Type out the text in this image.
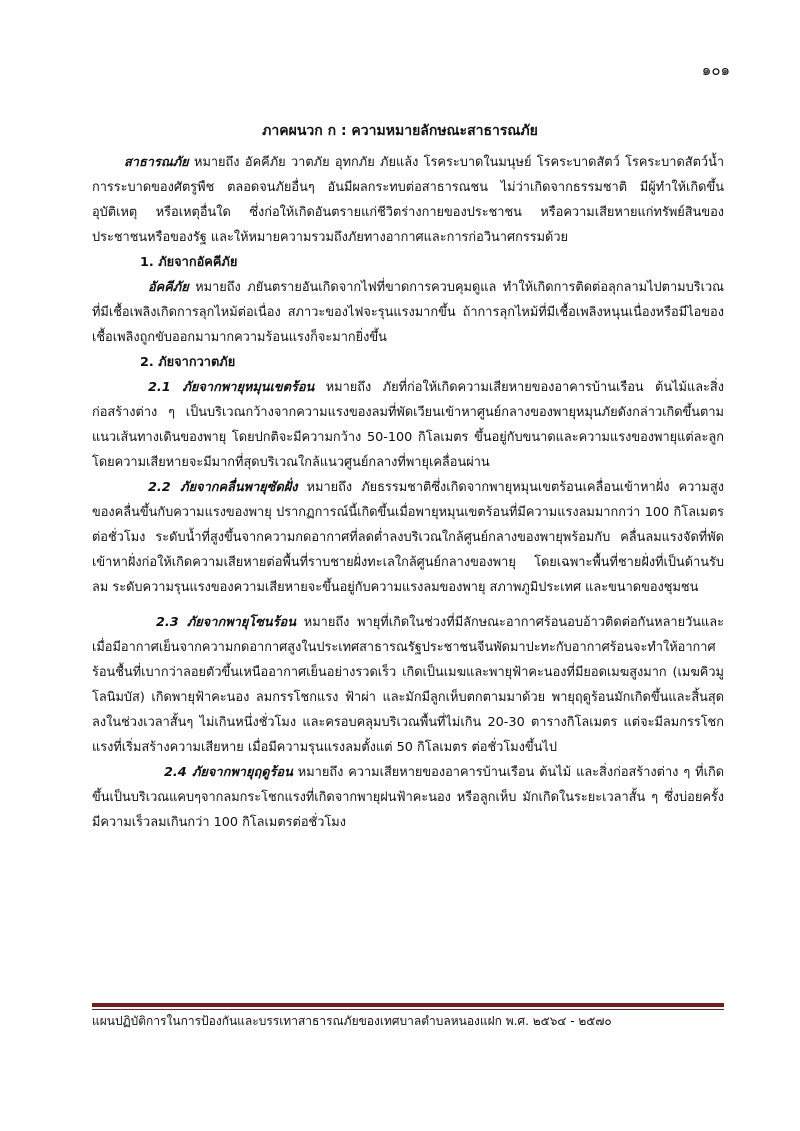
๑๐๑
ภาคผนวก ก : ความหมายลักษณะสาธารณภัย

สาธารณภัย หมายถึง อัคคีภัย วาตภัย อุทกภัย ภัยแล้ง โรคระบาดในมนุษย์ โรคระบาดสัตว์ โรคระบาดสัตว์น้ำ การระบาดของศัตรูพืช ตลอดจนภัยอื่นๆ อันมีผลกระทบต่อสาธารณชน ไม่ว่าเกิดจากธรรมชาติ มีผู้ทำให้เกิดขึ้น อุบัติเหตุ หรือเหตุอื่นใด ซึ่งก่อให้เกิดอันตรายแก่ชีวิตร่างกายของประชาชน หรือความเสียหายแก่ทรัพย์สินของประชาชนหรือของรัฐ และให้หมายความรวมถึงภัยทางอากาศและการก่อวินาศกรรมด้วย

1. ภัยจากอัคคีภัย

อัคคีภัย หมายถึง ภยันตรายอันเกิดจากไฟที่ขาดการควบคุมดูแล ทำให้เกิดการติดต่อลุกลามไปตามบริเวณที่มีเชื้อเพลิงเกิดการลุกไหม้ต่อเนื่อง สภาวะของไฟจะรุนแรงมากขึ้น ถ้าการลุกไหม้ที่มีเชื้อเพลิงหนุนเนื่องหรือมีไอของเชื้อเพลิงถูกขับออกมามากความร้อนแรงก็จะมากยิ่งขึ้น

2. ภัยจากวาตภัย

2.1 ภัยจากพายุหมุนเขตร้อน หมายถึง ภัยที่ก่อให้เกิดความเสียหายของอาคารบ้านเรือน ต้นไม้และสิ่งก่อสร้างต่าง ๆ เป็นบริเวณกว้างจากความแรงของลมที่พัดเวียนเข้าหาศูนย์กลางของพายุหมุนภัยดังกล่าวเกิดขึ้นตามแนวเส้นทางเดินของพายุ โดยปกติจะมีความกว้าง 50-100 กิโลเมตร ขึ้นอยู่กับขนาดและความแรงของพายุแต่ละลูก โดยความเสียหายจะมีมากที่สุดบริเวณใกล้แนวศูนย์กลางที่พายุเคลื่อนผ่าน

2.2 ภัยจากคลื่นพายุซัดฝั่ง หมายถึง ภัยธรรมชาติซึ่งเกิดจากพายุหมุนเขตร้อนเคลื่อนเข้าหาฝั่ง ความสูงของคลื่นขึ้นกับความแรงของพายุ ปรากฏการณ์นี้เกิดขึ้นเมื่อพายุหมุนเขตร้อนที่มีความแรงลมมากกว่า 100 กิโลเมตรต่อชั่วโมง ระดับน้ำที่สูงขึ้นจากความกดอากาศที่ลดต่ำลงบริเวณใกล้ศูนย์กลางของพายุพร้อมกับ คลื่นลมแรงจัดที่พัดเข้าหาฝั่งก่อให้เกิดความเสียหายต่อพื้นที่ราบชายฝั่งทะเลใกล้ศูนย์กลางของพายุ โดยเฉพาะพื้นที่ชายฝั่งที่เป็นด้านรับลม ระดับความรุนแรงของความเสียหายจะขึ้นอยู่กับความแรงลมของพายุ สภาพภูมิประเทศ และขนาดของชุมชน

2.3 ภัยจากพายุโซนร้อน หมายถึง พายุที่เกิดในช่วงที่มีลักษณะอากาศร้อนอบอ้าวติดต่อกันหลายวันและเมื่อมีอากาศเย็นจากความกดอากาศสูงในประเทศสาธารณรัฐประชาชนจีนพัดมาปะทะกับอากาศร้อนจะทำให้อากาศร้อนชื้นที่เบากว่าลอยตัวขึ้นเหนืออากาศเย็นอย่างรวดเร็ว เกิดเป็นเมฆและพายุฟ้าคะนองที่มียอดเมฆสูงมาก (เมฆคิวมูโลนิมบัส) เกิดพายุฟ้าคะนอง ลมกรรโชกแรง ฟ้าผ่า และมักมีลูกเห็บตกตามมาด้วย พายุฤดูร้อนมักเกิดขึ้นและสิ้นสุดลงในช่วงเวลาสั้นๆ ไม่เกินหนึ่งชั่วโมง และครอบคลุมบริเวณพื้นที่ไม่เกิน 20-30 ตารางกิโลเมตร แต่จะมีลมกรรโชกแรงที่เริ่มสร้างความเสียหาย เมื่อมีความรุนแรงลมตั้งแต่ 50 กิโลเมตร ต่อชั่วโมงขึ้นไป

2.4 ภัยจากพายุฤดูร้อน หมายถึง ความเสียหายของอาคารบ้านเรือน ต้นไม้ และสิ่งก่อสร้างต่าง ๆ ที่เกิดขึ้นเป็นบริเวณแคบๆจากลมกระโชกแรงที่เกิดจากพายุฝนฟ้าคะนอง หรือลูกเห็บ มักเกิดในระยะเวลาสั้น ๆ ซึ่งบ่อยครั้งมีความเร็วลมเกินกว่า 100 กิโลเมตรต่อชั่วโมง

แผนปฏิบัติการในการป้องกันและบรรเทาสาธารณภัยของเทศบาลตำบลหนองแฝก พ.ศ. ๒๕๖๔ - ๒๕๗๐
